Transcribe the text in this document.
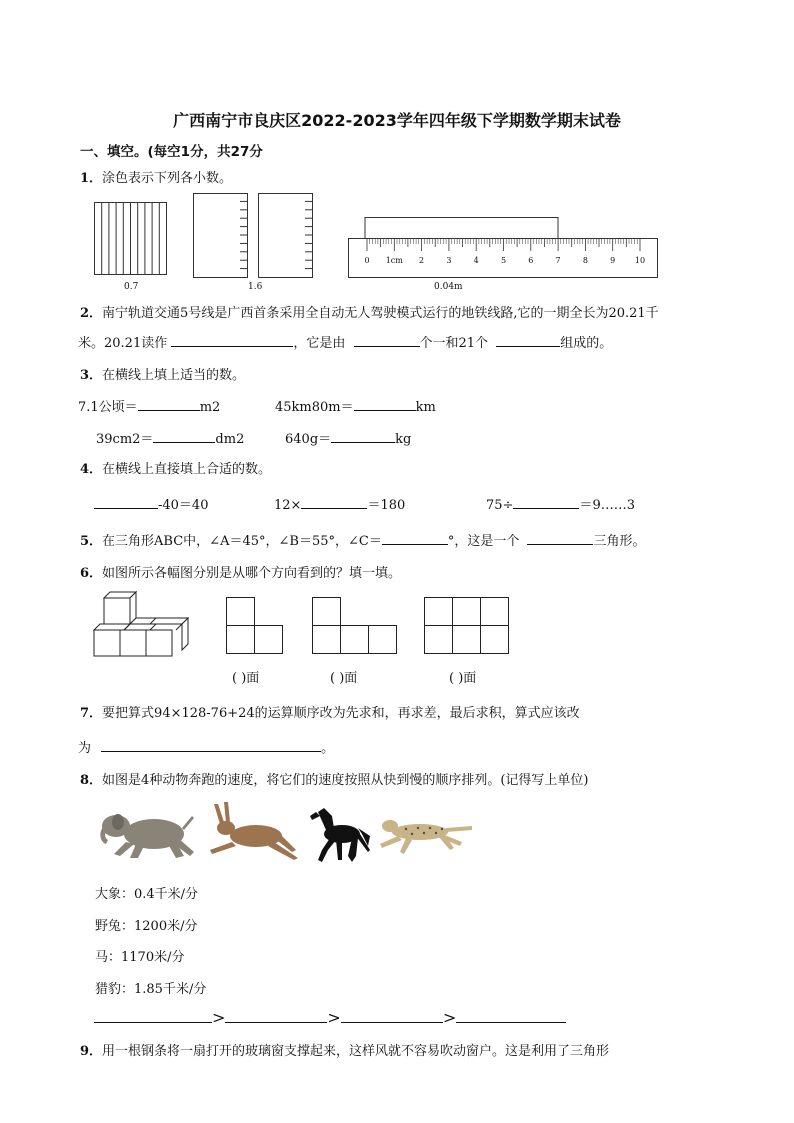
广西南宁市良庆区2022-2023学年四年级下学期数学期末试卷
一、填空。(每空1分，共27分
1．涂色表示下列各小数。
0.7	1.6
0 1cm 2	3	4	5	6	7	8	9 10
0.04m
2．南宁轨道交通5号线是广西首条采用全自动无人驾驶模式运行的地铁线路,它的一期全长为20.21千
米。20.21读作	，它是由	个一和21个	组成的。
3．在横线上填上适当的数。
7.1公顷＝	m2	45km80m＝	km
39cm2＝	dm2	640g＝	kg
4．在横线上直接填上合适的数。
-40＝40	12×	＝180	75÷	＝9……3
5．在三角形ABC中，∠A＝45°，∠B＝55°，∠C＝	°，这是一个	三角形。
6．如图所示各幅图分别是从哪个方向看到的？填一填。
( )面	( )面	( )面
7．要把算式94×128-76+24的运算顺序改为先求和，再求差，最后求积，算式应该改
为	。
8．如图是4种动物奔跑的速度，将它们的速度按照从快到慢的顺序排列。(记得写上单位)
大象：0.4千米/分
野兔：1200米/分
马：1170米/分
猎豹：1.85千米/分
>	>	>
9．用一根钢条将一扇打开的玻璃窗支撑起来，这样风就不容易吹动窗户。这是利用了三角形
